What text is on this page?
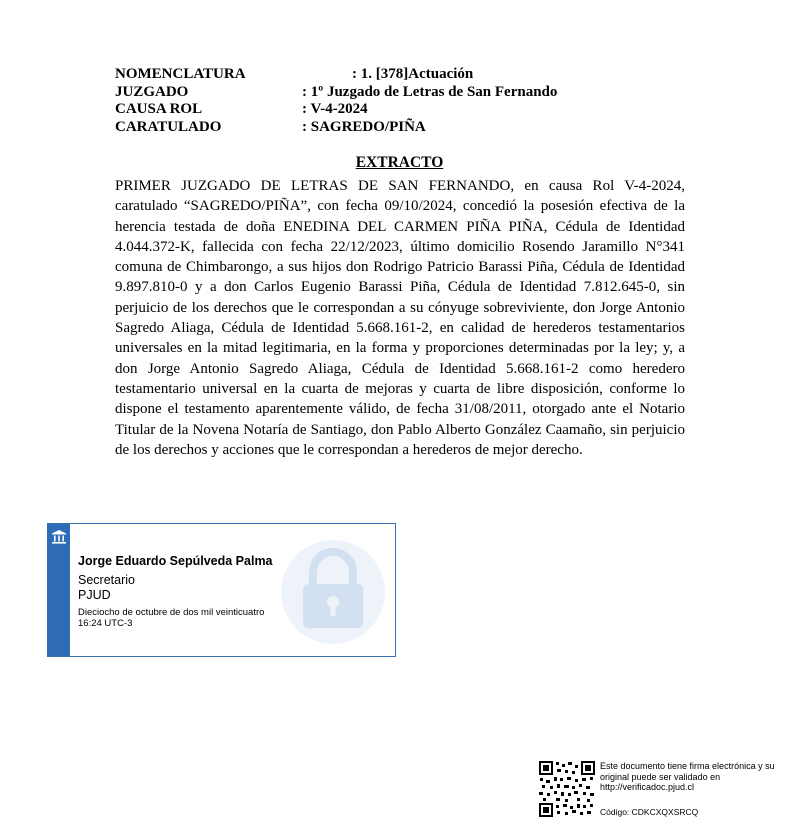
NOMENCLATURA	: 1. [378]Actuación
JUZGADO	: 1º Juzgado de Letras de San Fernando
CAUSA ROL	: V-4-2024
CARATULADO	: SAGREDO/PIÑA
EXTRACTO

PRIMER JUZGADO DE LETRAS DE SAN FERNANDO, en causa Rol V-4-2024, caratulado “SAGREDO/PIÑA”, con fecha 09/10/2024, concedió la posesión efectiva de la herencia testada de doña ENEDINA DEL CARMEN PIÑA PIÑA, Cédula de Identidad 4.044.372-K, fallecida con fecha 22/12/2023, último domicilio Rosendo Jaramillo N°341 comuna de Chimbarongo, a sus hijos don Rodrigo Patricio Barassi Piña, Cédula de Identidad 9.897.810-0 y a don Carlos Eugenio Barassi Piña, Cédula de Identidad 7.812.645-0, sin perjuicio de los derechos que le correspondan a su cónyuge sobreviviente, don Jorge Antonio Sagredo Aliaga, Cédula de Identidad 5.668.161-2, en calidad de herederos testamentarios universales en la mitad legitimaria, en la forma y proporciones determinadas por la ley; y, a don Jorge Antonio Sagredo Aliaga, Cédula de Identidad 5.668.161-2 como heredero testamentario universal en la cuarta de mejoras y cuarta de libre disposición, conforme lo dispone el testamento aparentemente válido, de fecha 31/08/2011, otorgado ante el Notario Titular de la Novena Notaría de Santiago, don Pablo Alberto González Caamaño, sin perjuicio de los derechos y acciones que le correspondan a herederos de mejor derecho.

Jorge Eduardo Sepúlveda Palma
Secretario
PJUD
Dieciocho de octubre de dos mil veinticuatro
16:24 UTC-3
Este documento tiene firma electrónica y su original puede ser validado en http://verificadoc.pjud.cl
Código: CDKCXQXSRCQ
